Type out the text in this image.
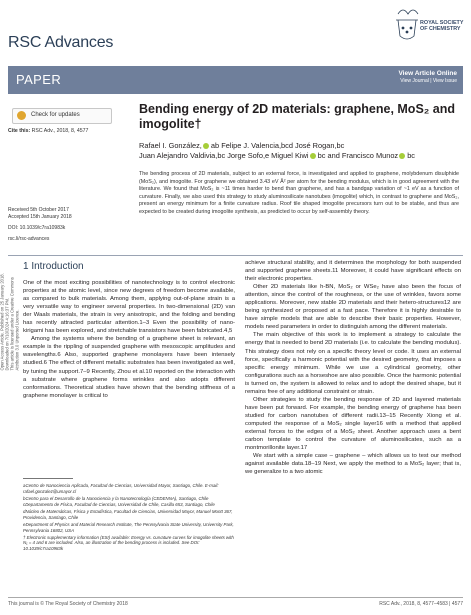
RSC Advances
ROYAL SOCIETY
OF CHEMISTRY
PAPER	View Article Online
View Journal | View Issue
Check for updates
Open Access Article. Published on 25 January 2018. Downloaded on 7/10/2024 4:16:37 PM. This article is licensed under a Creative Commons Attribution 3.0 Unported Licence.
Cite this: RSC Adv., 2018, 8, 4577
Bending energy of 2D materials: graphene, MoS₂ and imogolite†
Rafael I. González, ab Felipe J. Valencia,bcd José Rogan,bc
Juan Alejandro Valdivia,bc Jorge Sofo,e Miguel Kiwi bc and Francisco Munoz bc
The bending process of 2D materials, subject to an external force, is investigated and applied to graphene, molybdenum disulphide (MoS₂), and imogolite. For graphene we obtained 3.43 eV Å² per atom for the bending modulus, which is in good agreement with the literature. We found that MoS₂ is ~11 times harder to bend than graphene, and has a bandgap variation of ~1 eV as a function of curvature. Finally, we also used this strategy to study aluminosilicate nanotubes (imogolite) which, in contrast to graphene and MoS₂, present an energy minimum for a finite curvature radius. Roof tile shaped imogolite precursors turn out to be stable, and thus are expected to be created during imogolite synthesis, as predicted to occur by self-assembly theory.
Received 5th October 2017
Accepted 15th January 2018
DOI: 10.1039/c7ra10983k
rsc.li/rsc-advances
1 Introduction

One of the most exciting possibilities of nanotechnology is to control electronic properties at the atomic level, since new degrees of freedom become available, as compared to bulk materials. Among them, applying out-of-plane strain is a very versatile way to engineer several properties. In two-dimensional (2D) van der Waals materials, the strain is very anisotropic, and the folding and bending has recently attracted particular attention.1–3 Even the possibility of nano-kirigami has been explored, and stretchable transistors have been fabricated.4,5

Among the systems where the bending of a graphene sheet is relevant, an example is the rippling of suspended graphene with mesoscopic amplitudes and wavelengths.6 Also, supported graphene monolayers have been intensely studied.6 The effect of different metallic substrates has been investigated as well, by tuning the support.7–9 Recently, Zhou et al.10 reported on the interaction with a substrate where graphene forms wrinkles and also adopts different conformations. Theoretical studies have shown that the bending stiffness of a graphene monolayer is critical to

achieve structural stability, and it determines the morphology for both suspended and supported graphene sheets.11 Moreover, it could have significant effects on their electronic properties.

Other 2D materials like h-BN, MoS₂ or WSe₂ have also been the focus of attention, since the control of the roughness, or the use of wrinkles, favors some applications. Moreover, new stable 2D materials and their hetero-structures12 are being synthesized or proposed at a fast pace. Therefore it is highly desirable to have simple models that are able to describe their basic properties. However, models need parameters in order to distinguish among the different materials.

The main objective of this work is to implement a strategy to calculate the energy that is needed to bend 2D materials (i.e. to calculate the bending modulus). This strategy does not rely on a specific theory level or code. It uses an external force, specifically a harmonic potential with the desired geometry, that imposes a specific energy minimum. While we use a cylindrical geometry, other configurations such as a horseshoe are also possible. Once the harmonic potential is turned on, the system is allowed to relax and to adopt the desired shape, but it remains free of any additional constraint or strain.

Other strategies to study the bending response of 2D and layered materials have been put forward. For example, the bending energy of graphene has been studied for carbon nanotubes of different radii.13–15 Recently Xiong et al. computed the response of a MoS₂ single layer16 with a method that applied external forces to the edges of a MoS₂ sheet. Another approach uses a bent carbon template to control the curvature of aluminosilicates, such as a montmorillonite layer.17

We start with a simple case – graphene – which allows us to test our method against available data.18–19 Next, we apply the method to a MoS₂ layer; that is, we generalize to a two atomic

aCentro de Nanociencia Aplicada, Facultad de Ciencias, Universidad Mayor, Santiago, Chile. E-mail: rafael.gonzalez@umayor.cl
bCentro para el Desarrollo de la Nanociencia y la Nanotecnología (CEDENNA), Santiago, Chile
cDepartamento de Física, Facultad de Ciencias, Universidad de Chile, Casilla 653, Santiago, Chile
dNúcleo de Matemáticas, Física y Estadística, Facultad de Ciencias, Universidad Mayor, Manuel Montt 367, Providencia, Santiago, Chile
eDepartment of Physics and Material Research Institute, The Pennsylvania State University, University Park, Pennsylvania 16802, USA
† Electronic supplementary information (ESI) available: Energy vs. curvature curves for imogolite sheets with N₁ = 4 and 6 are included. Also, an illustration of the bending process is included. See DOI: 10.1039/c7ra10983k
This journal is © The Royal Society of Chemistry 2018	RSC Adv., 2018, 8, 4577–4583 | 4577
